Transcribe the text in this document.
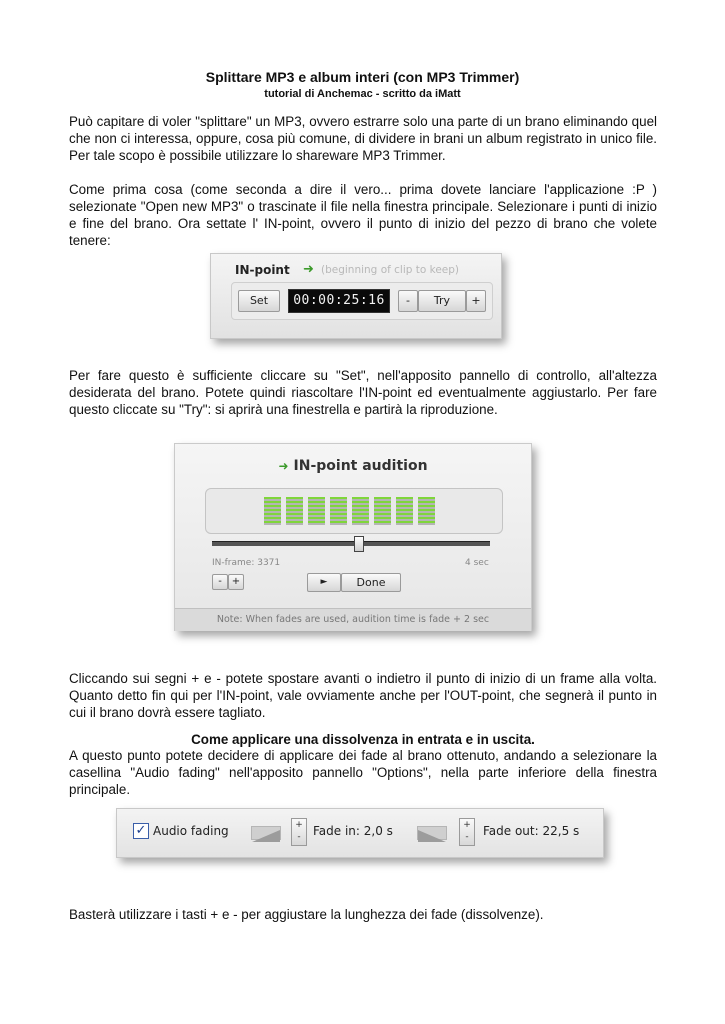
Splittare MP3 e album interi (con MP3 Trimmer)
tutorial di Anchemac - scritto da iMatt

Può capitare di voler "splittare" un MP3, ovvero estrarre solo una parte di un brano eliminando quel che non ci interessa, oppure, cosa più comune, di dividere in brani un album registrato in unico file. Per tale scopo è possibile utilizzare lo shareware MP3 Trimmer.

Come prima cosa (come seconda a dire il vero... prima dovete lanciare l'applicazione :P ) selezionate "Open new MP3" o trascinate il file nella finestra principale. Selezionare i punti di inizio e fine del brano. Ora settate l' IN-point, ovvero il punto di inizio del pezzo di brano che volete tenere:

IN-point ➜ (beginning of clip to keep)
Set	00:00:25:16	-	Try	+

Per fare questo è sufficiente cliccare su "Set", nell'apposito pannello di controllo, all'altezza desiderata del brano. Potete quindi riascoltare l'IN-point ed eventualmente aggiustarlo. Per fare questo cliccate su "Try": si aprirà una finestrella e partirà la riproduzione.

➜ IN-point audition
IN-frame: 3371	4 sec
-	+	►	Done
Note: When fades are used, audition time is fade + 2 sec

Cliccando sui segni + e - potete spostare avanti o indietro il punto di inizio di un frame alla volta. Quanto detto fin qui per l'IN-point, vale ovviamente anche per l'OUT-point, che segnerà il punto in cui il brano dovrà essere tagliato.

Come applicare una dissolvenza in entrata e in uscita.

A questo punto potete decidere di applicare dei fade al brano ottenuto, andando a selezionare la casellina "Audio fading" nell'apposito pannello "Options", nella parte inferiore della finestra principale.

✓ Audio fading	+
-	Fade in: 2,0 s	+
-	Fade out: 22,5 s

Basterà utilizzare i tasti + e - per aggiustare la lunghezza dei fade (dissolvenze).
